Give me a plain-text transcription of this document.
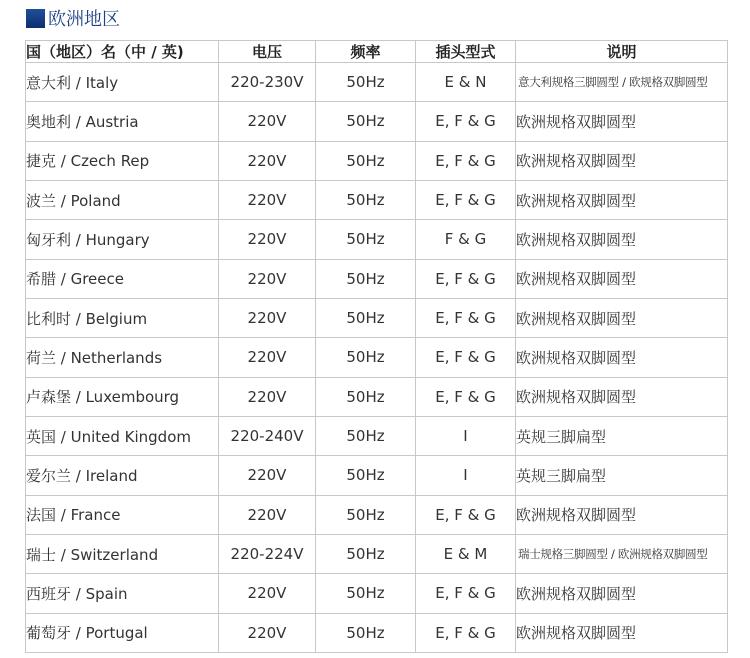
欧洲地区
国（地区）名（中 / 英)	电压	频率	插头型式	说明
意大利 / Italy	220-230V	50Hz	E & N	意大利规格三脚圆型 / 欧规格双脚圆型
奥地利 / Austria	220V	50Hz	E, F & G	欧洲规格双脚圆型
捷克 / Czech Rep	220V	50Hz	E, F & G	欧洲规格双脚圆型
波兰 / Poland	220V	50Hz	E, F & G	欧洲规格双脚圆型
匈牙利 / Hungary	220V	50Hz	F & G	欧洲规格双脚圆型
希腊 / Greece	220V	50Hz	E, F & G	欧洲规格双脚圆型
比利时 / Belgium	220V	50Hz	E, F & G	欧洲规格双脚圆型
荷兰 / Netherlands	220V	50Hz	E, F & G	欧洲规格双脚圆型
卢森堡 / Luxembourg	220V	50Hz	E, F & G	欧洲规格双脚圆型
英国 / United Kingdom	220-240V	50Hz	I	英规三脚扁型
爱尔兰 / Ireland	220V	50Hz	I	英规三脚扁型
法国 / France	220V	50Hz	E, F & G	欧洲规格双脚圆型
瑞士 / Switzerland	220-224V	50Hz	E & M	瑞士规格三脚圆型 / 欧洲规格双脚圆型
西班牙 / Spain	220V	50Hz	E, F & G	欧洲规格双脚圆型
葡萄牙 / Portugal	220V	50Hz	E, F & G	欧洲规格双脚圆型
